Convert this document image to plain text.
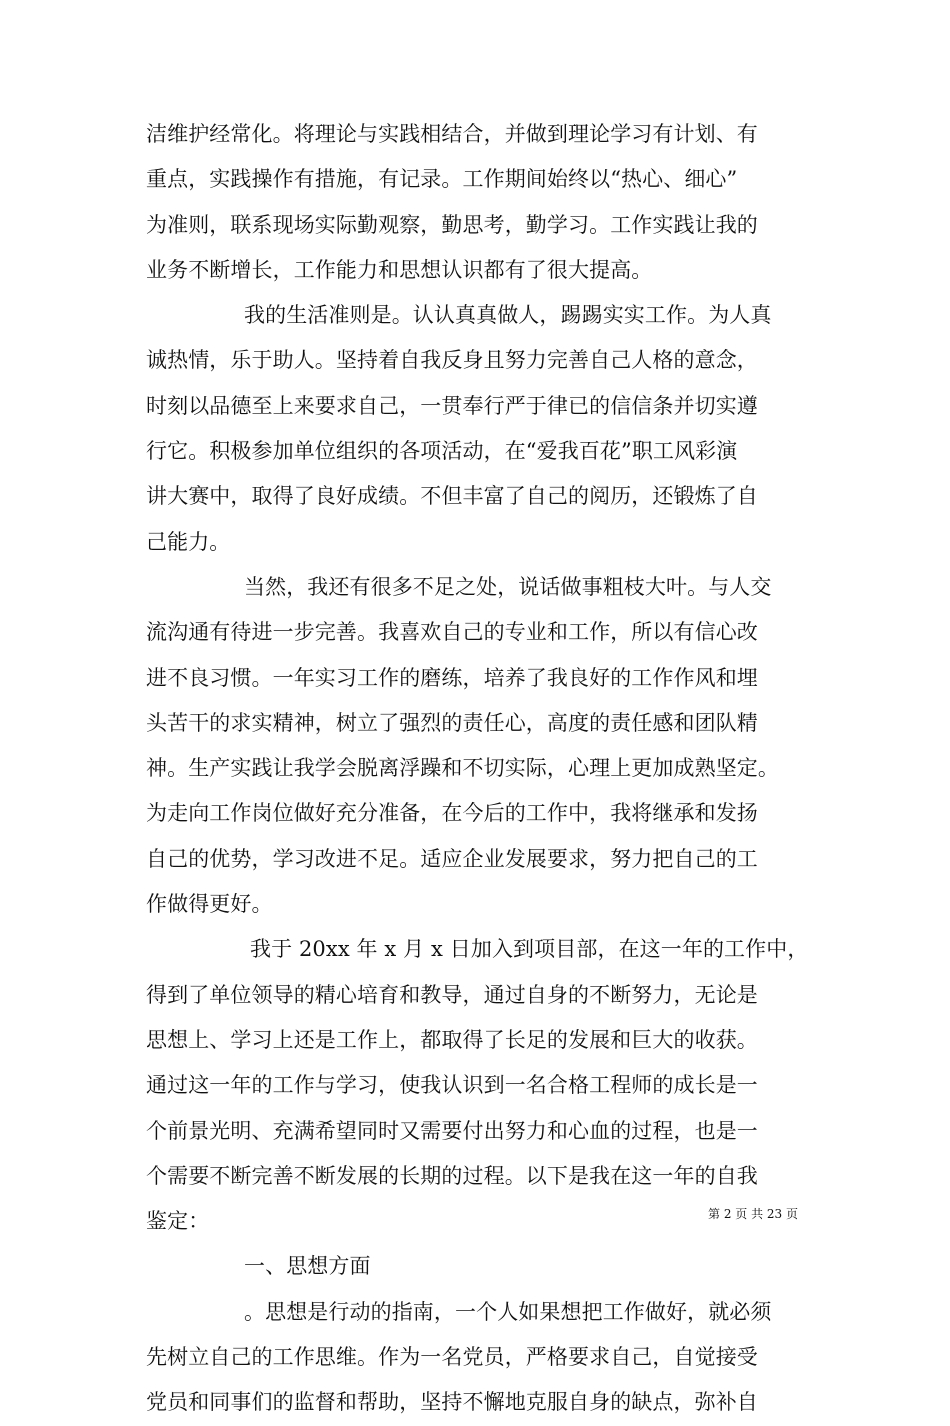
洁维护经常化。将理论与实践相结合，并做到理论学习有计划、有
重点，实践操作有措施，有记录。工作期间始终以“热心、细心”
为准则，联系现场实际勤观察，勤思考，勤学习。工作实践让我的
业务不断增长，工作能力和思想认识都有了很大提高。
我的生活准则是。认认真真做人，踢踢实实工作。为人真
诚热情，乐于助人。坚持着自我反身且努力完善自己人格的意念，
时刻以品德至上来要求自己，一贯奉行严于律已的信信条并切实遵
行它。积极参加单位组织的各项活动，在“爱我百花”职工风彩演
讲大赛中，取得了良好成绩。不但丰富了自己的阅历，还锻炼了自
己能力。
当然，我还有很多不足之处，说话做事粗枝大叶。与人交
流沟通有待进一步完善。我喜欢自己的专业和工作，所以有信心改
进不良习惯。一年实习工作的磨练，培养了我良好的工作作风和埋
头苦干的求实精神，树立了强烈的责任心，高度的责任感和团队精
神。生产实践让我学会脱离浮躁和不切实际，心理上更加成熟坚定。
为走向工作岗位做好充分准备，在今后的工作中，我将继承和发扬
自己的优势，学习改进不足。适应企业发展要求，努力把自己的工
作做得更好。
我于 20xx 年 x 月 x 日加入到项目部，在这一年的工作中，
得到了单位领导的精心培育和教导，通过自身的不断努力，无论是
思想上、学习上还是工作上，都取得了长足的发展和巨大的收获。
通过这一年的工作与学习，使我认识到一名合格工程师的成长是一
个前景光明、充满希望同时又需要付出努力和心血的过程，也是一
个需要不断完善不断发展的长期的过程。以下是我在这一年的自我
鉴定：
一、思想方面
。思想是行动的指南，一个人如果想把工作做好，就必须
先树立自己的工作思维。作为一名党员，严格要求自己，自觉接受
党员和同事们的监督和帮助，坚持不懈地克服自身的缺点，弥补自
第 2 页 共 23 页
